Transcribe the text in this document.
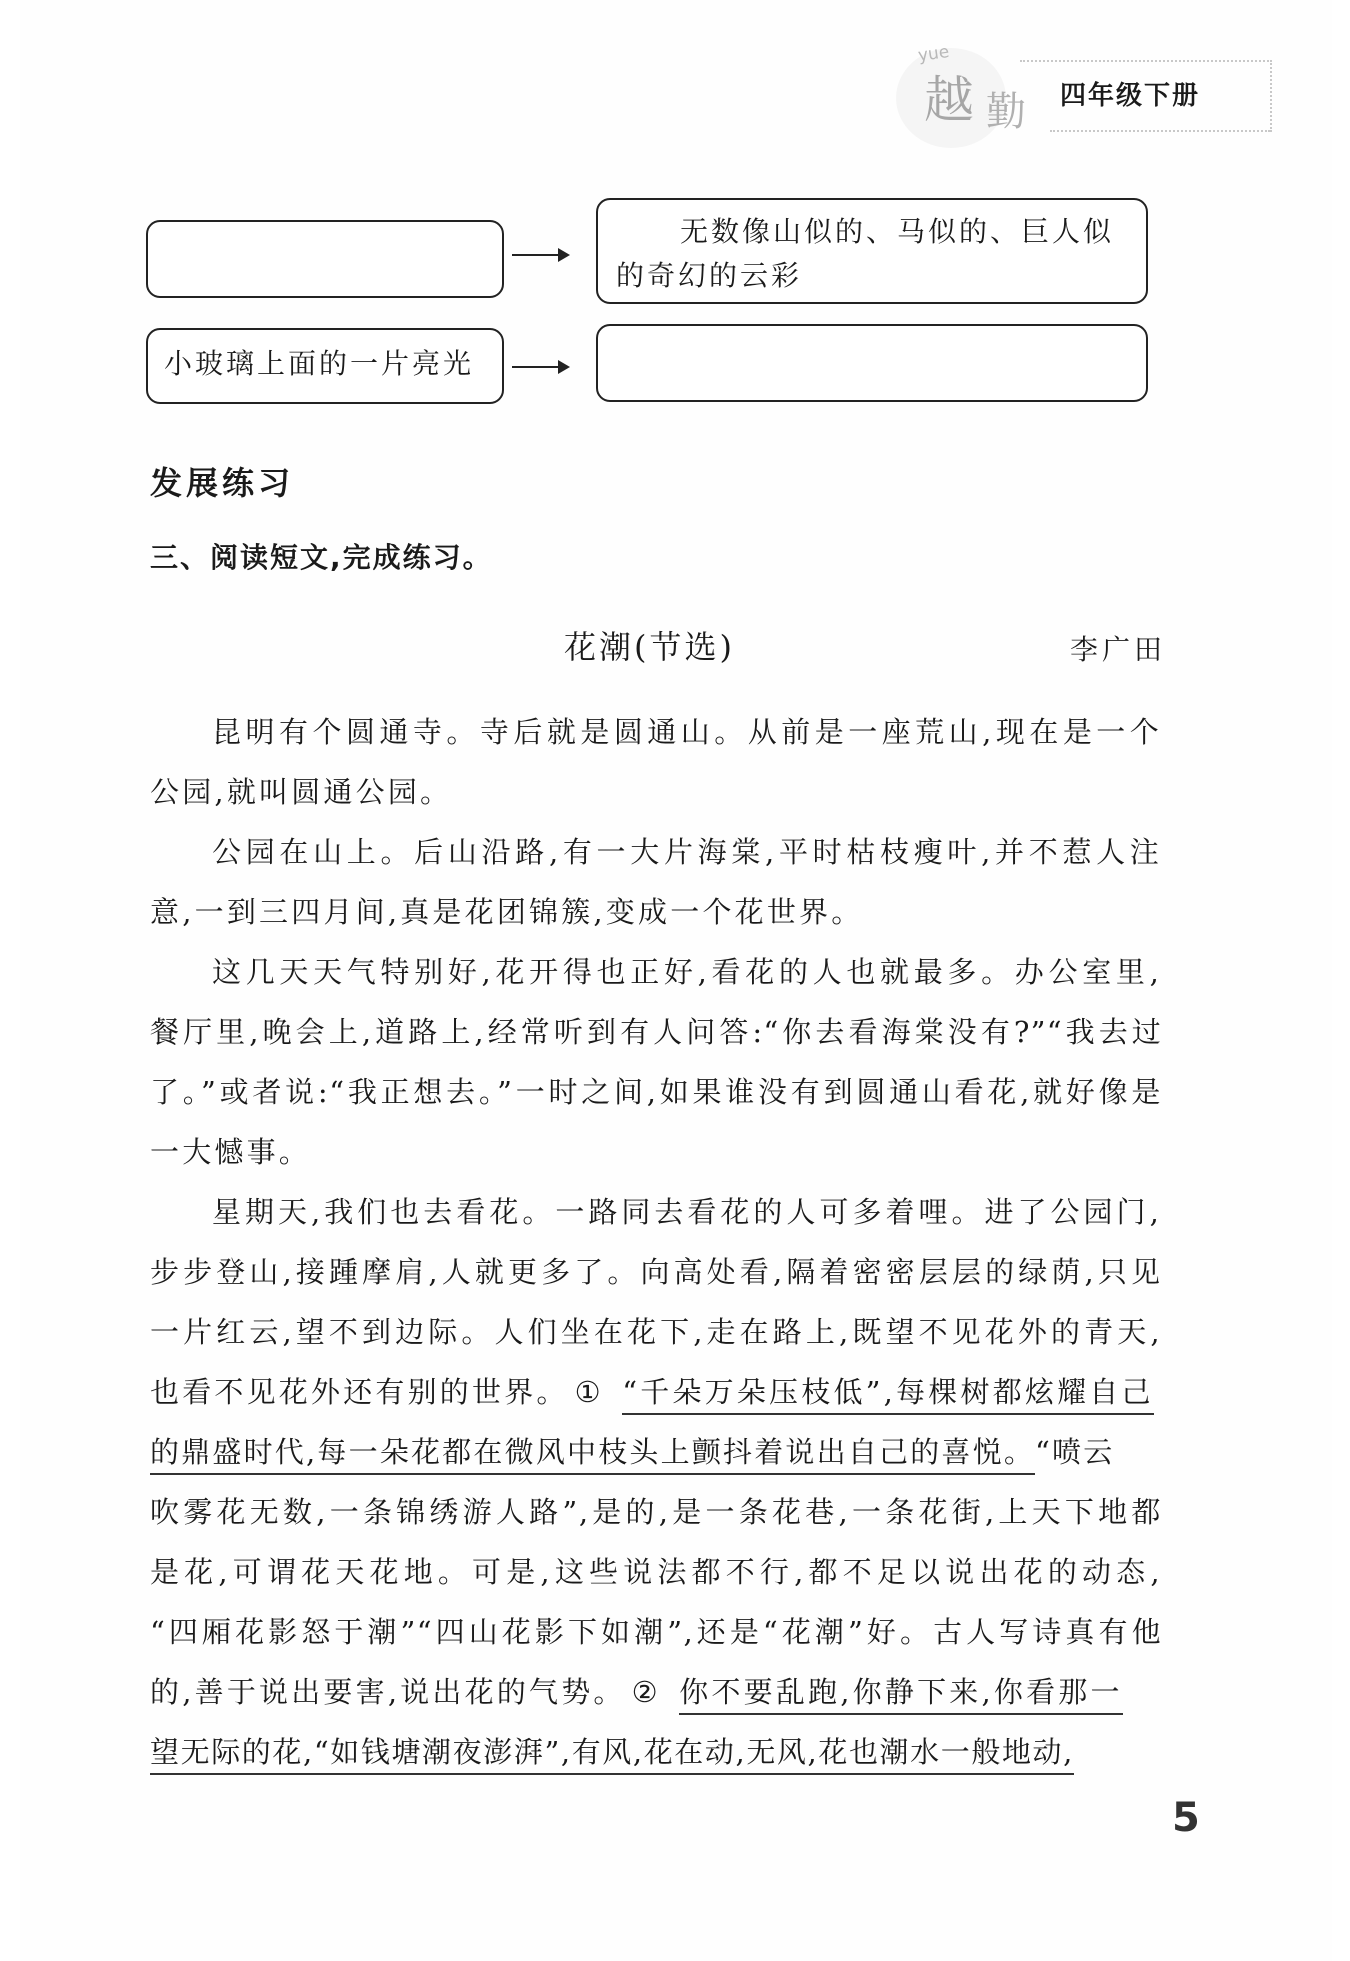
yue
越 勤 四年级下册
无数像山似的、马似的、巨人似
的奇幻的云彩
小玻璃上面的一片亮光
发展练习
三、阅读短文,完成练习。
花潮(节选)	李广田
昆明有个圆通寺。寺后就是圆通山。从前是一座荒山,现在是一个
公园,就叫圆通公园。
公园在山上。后山沿路,有一大片海棠,平时枯枝瘦叶,并不惹人注
意,一到三四月间,真是花团锦簇,变成一个花世界。
这几天天气特别好,花开得也正好,看花的人也就最多。办公室里,
餐厅里,晚会上,道路上,经常听到有人问答:“你去看海棠没有?”“我去过
了。”或者说:“我正想去。”一时之间,如果谁没有到圆通山看花,就好像是
一大憾事。
星期天,我们也去看花。一路同去看花的人可多着哩。进了公园门,
步步登山,接踵摩肩,人就更多了。向高处看,隔着密密层层的绿荫,只见
一片红云,望不到边际。人们坐在花下,走在路上,既望不见花外的青天,
也看不见花外还有别的世界。 ① “千朵万朵压枝低”,每棵树都炫耀自己
的鼎盛时代,每一朵花都在微风中枝头上颤抖着说出自己的喜悦。“喷云
吹雾花无数,一条锦绣游人路”,是的,是一条花巷,一条花街,上天下地都
是花,可谓花天花地。可是,这些说法都不行,都不足以说出花的动态,
“四厢花影怒于潮”“四山花影下如潮”,还是“花潮”好。古人写诗真有他
的,善于说出要害,说出花的气势。 ② 你不要乱跑,你静下来,你看那一
望无际的花,“如钱塘潮夜澎湃”,有风,花在动,无风,花也潮水一般地动,
5
